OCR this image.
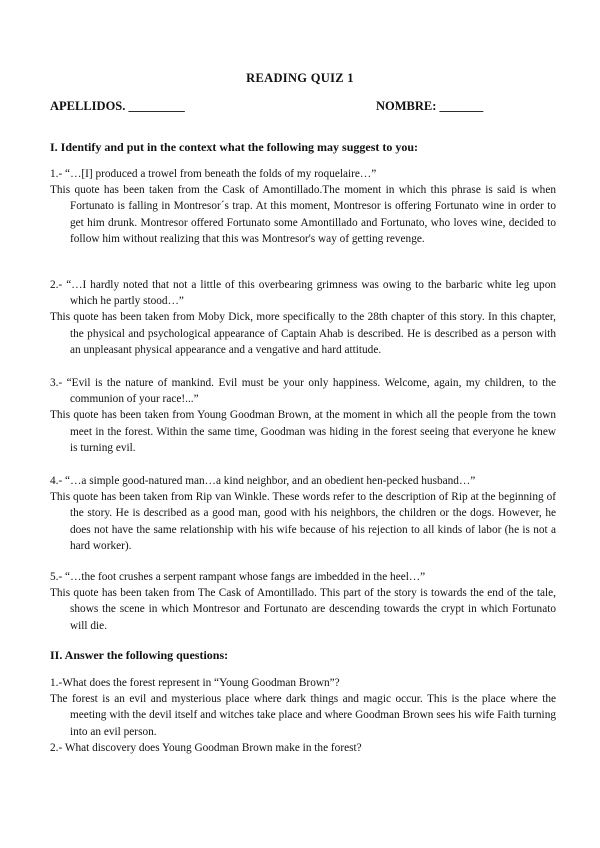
READING QUIZ 1
APELLIDOS. _________	NOMBRE: _______
I. Identify and put in the context what the following may suggest to you:

1.- “…[I] produced a trowel from beneath the folds of my roquelaire…”

This quote has been taken from the Cask of Amontillado.The moment in which this phrase is said is when Fortunato is falling in Montresor´s trap. At this moment, Montresor is offering Fortunato wine in order to get him drunk. Montresor offered Fortunato some Amontillado and Fortunato, who loves wine, decided to follow him without realizing that this was Montresor's way of getting revenge.

2.- “…I hardly noted that not a little of this overbearing grimness was owing to the barbaric white leg upon which he partly stood…”

This quote has been taken from Moby Dick, more specifically to the 28th chapter of this story. In this chapter, the physical and psychological appearance of Captain Ahab is described. He is described as a person with an unpleasant physical appearance and a vengative and hard attitude.

3.- “Evil is the nature of mankind. Evil must be your only happiness. Welcome, again, my children, to the communion of your race!...”

This quote has been taken from Young Goodman Brown, at the moment in which all the people from the town meet in the forest. Within the same time, Goodman was hiding in the forest seeing that everyone he knew is turning evil.

4.- “…a simple good-natured man…a kind neighbor, and an obedient hen-pecked husband…”

This quote has been taken from Rip van Winkle. These words refer to the description of Rip at the beginning of the story. He is described as a good man, good with his neighbors, the children or the dogs. However, he does not have the same relationship with his wife because of his rejection to all kinds of labor (he is not a hard worker).

5.- “…the foot crushes a serpent rampant whose fangs are imbedded in the heel…”

This quote has been taken from The Cask of Amontillado. This part of the story is towards the end of the tale, shows the scene in which Montresor and Fortunato are descending towards the crypt in which Fortunato will die.

II. Answer the following questions:

1.-What does the forest represent in “Young Goodman Brown”?

The forest is an evil and mysterious place where dark things and magic occur. This is the place where the meeting with the devil itself and witches take place and where Goodman Brown sees his wife Faith turning into an evil person.

2.- What discovery does Young Goodman Brown make in the forest?
